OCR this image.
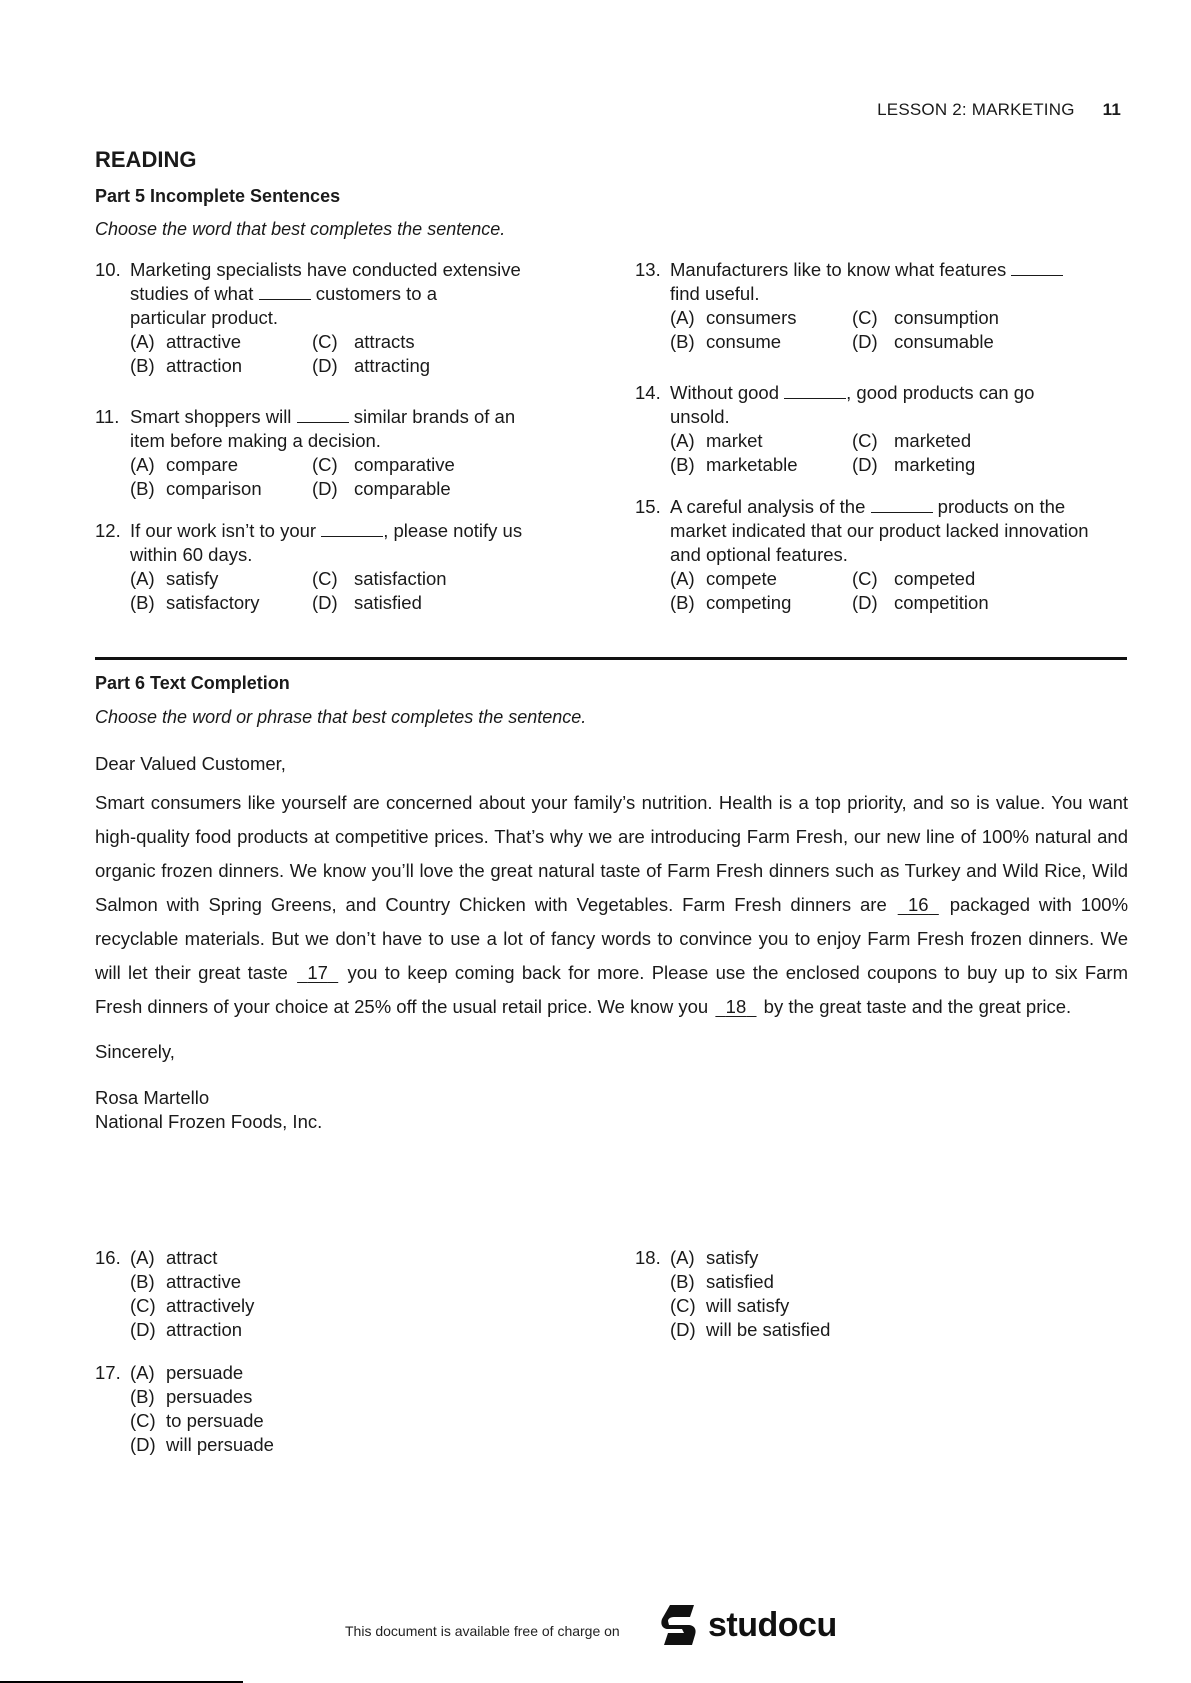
LESSON 2: MARKETING 11
READING
Part 5 Incomplete Sentences
Choose the word that best completes the sentence.
10. Marketing specialists have conducted extensive
studies of what	customers to a
particular product.
(A) attractive	(C) attracts
(B) attraction	(D) attracting
11. Smart shoppers will	similar brands of an
item before making a decision.
(A) compare	(C) comparative
(B) comparison	(D) comparable
12. If our work isn’t to your	, please notify us
within 60 days.
(A) satisfy	(C) satisfaction
(B) satisfactory	(D) satisfied
13. Manufacturers like to know what features
find useful.
(A) consumers	(C) consumption
(B) consume	(D) consumable
14. Without good	, good products can go
unsold.
(A) market	(C) marketed
(B) marketable	(D) marketing
15. A careful analysis of the	products on the
market indicated that our product lacked innovation
and optional features.
(A) compete	(C) competed
(B) competing	(D) competition
Part 6 Text Completion
Choose the word or phrase that best completes the sentence.
Dear Valued Customer,
Smart consumers like yourself are concerned about your family’s nutrition. Health is a top priority, and so is value. You want high-quality food products at competitive prices. That’s why we are introducing Farm Fresh, our new line of 100% natural and organic frozen dinners. We know you’ll love the great natural taste of Farm Fresh dinners such as Turkey and Wild Rice, Wild Salmon with Spring Greens, and Country Chicken with Vegetables. Farm Fresh dinners are 16 packaged with 100% recyclable materials. But we don’t have to use a lot of fancy words to convince you to enjoy Farm Fresh frozen dinners. We will let their great taste 17 you to keep coming back for more. Please use the enclosed coupons to buy up to six Farm Fresh dinners of your choice at 25% off the usual retail price. We know you 18 by the great taste and the great price.
Sincerely,
Rosa Martello
National Frozen Foods, Inc.
16. (A) attract
(B) attractive
(C) attractively
(D) attraction
17. (A) persuade
(B) persuades
(C) to persuade
(D) will persuade
18. (A) satisfy
(B) satisfied
(C) will satisfy
(D) will be satisfied
This document is available free of charge on	studocu
